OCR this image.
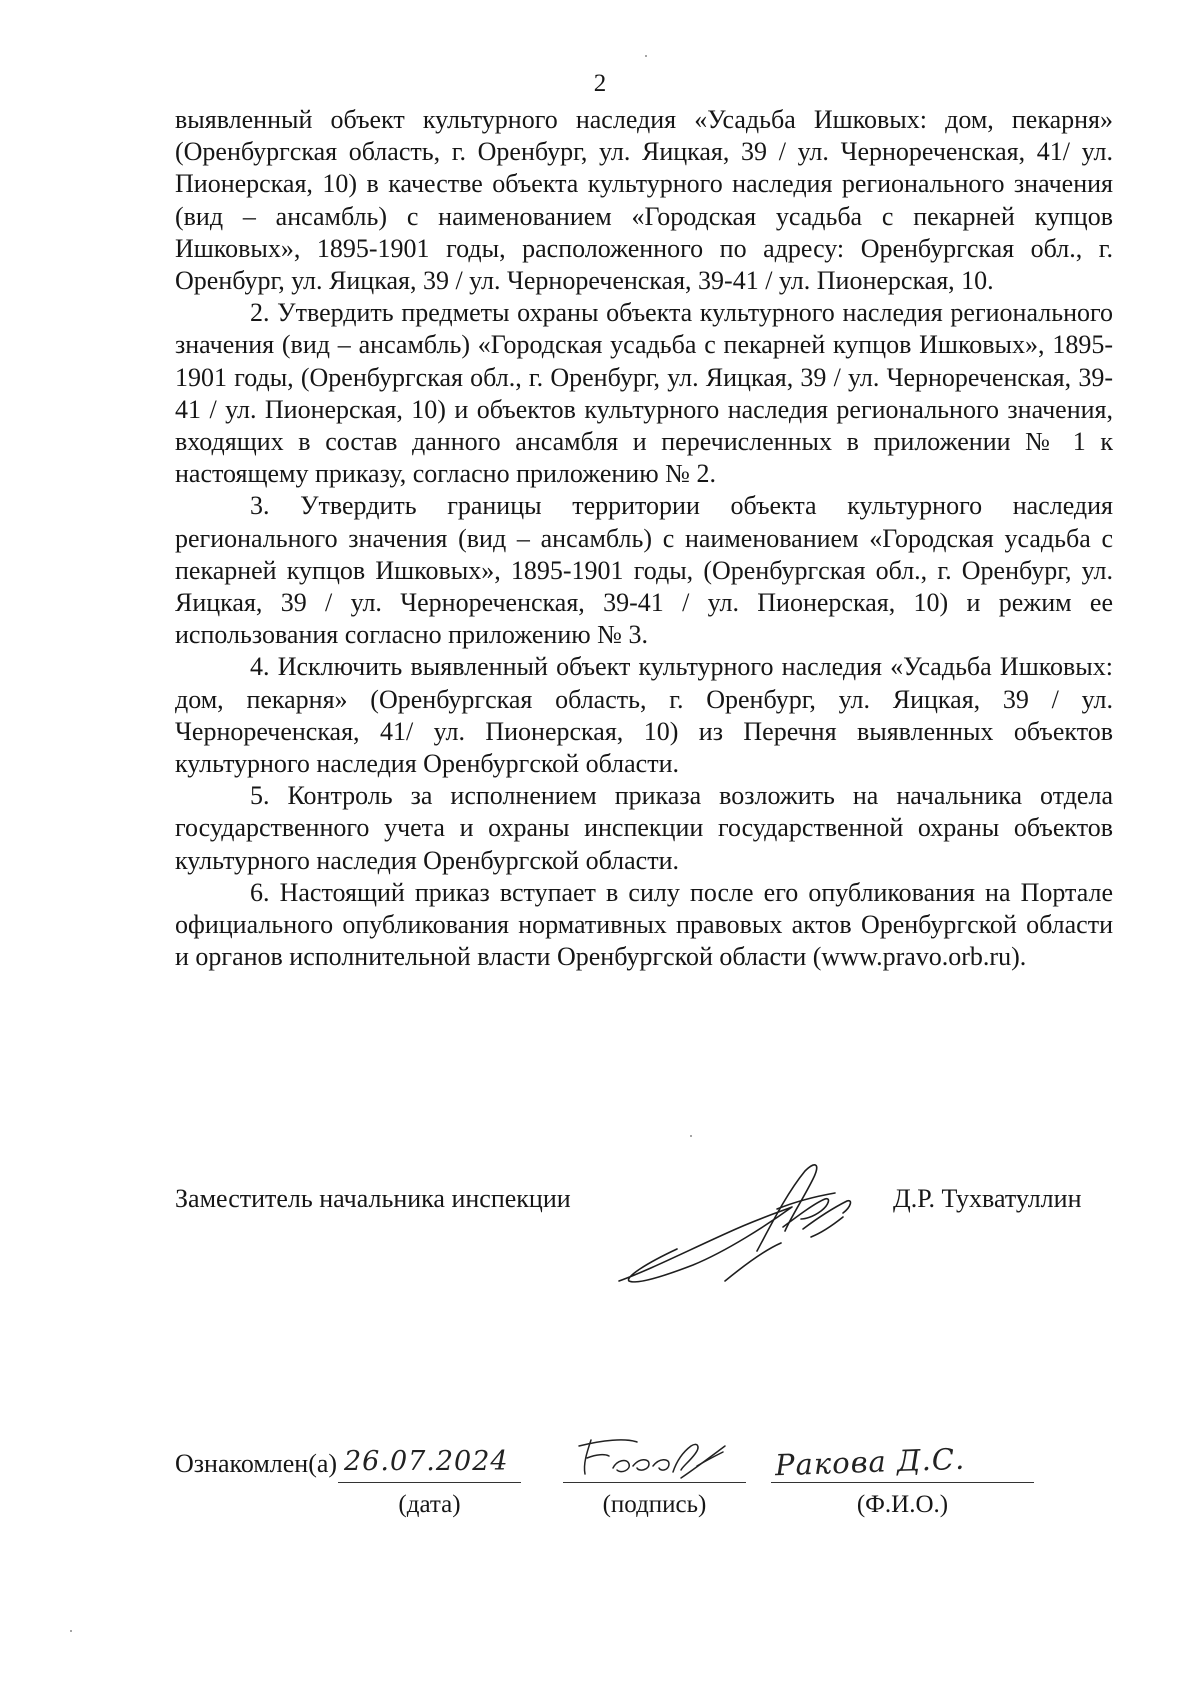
2

выявленный объект культурного наследия «Усадьба Ишковых: дом, пекарня» (Оренбургская область, г. Оренбург, ул. Яицкая, 39 / ул. Чернореченская, 41/ ул. Пионерская, 10) в качестве объекта культурного наследия регионального значения (вид – ансамбль) с наименованием «Городская усадьба с пекарней купцов Ишковых», 1895-1901 годы, расположенного по адресу: Оренбургская обл., г. Оренбург, ул. Яицкая, 39 / ул. Чернореченская, 39-41 / ул. Пионерская, 10.

2. Утвердить предметы охраны объекта культурного наследия регионального значения (вид – ансамбль) «Городская усадьба с пекарней купцов Ишковых», 1895-1901 годы, (Оренбургская обл., г. Оренбург, ул. Яицкая, 39 / ул. Чернореченская, 39-41 / ул. Пионерская, 10) и объектов культурного наследия регионального значения, входящих в состав данного ансамбля и перечисленных в приложении № 1 к настоящему приказу, согласно приложению № 2.

3. Утвердить границы территории объекта культурного наследия регионального значения (вид – ансамбль) с наименованием «Городская усадьба с пекарней купцов Ишковых», 1895-1901 годы, (Оренбургская обл., г. Оренбург, ул. Яицкая, 39 / ул. Чернореченская, 39-41 / ул. Пионерская, 10) и режим ее использования согласно приложению № 3.

4. Исключить выявленный объект культурного наследия «Усадьба Ишковых: дом, пекарня» (Оренбургская область, г. Оренбург, ул. Яицкая, 39 / ул. Чернореченская, 41/ ул. Пионерская, 10) из Перечня выявленных объектов культурного наследия Оренбургской области.

5. Контроль за исполнением приказа возложить на начальника отдела государственного учета и охраны инспекции государственной охраны объектов культурного наследия Оренбургской области.

6. Настоящий приказ вступает в силу после его опубликования на Портале официального опубликования нормативных правовых актов Оренбургской области и органов исполнительной власти Оренбургской области (www.pravo.orb.ru).

Заместитель начальника инспекции	Д.Р. Тухватуллин
Ознакомлен(а) 26.07.2024	Ракова Д.С.
(дата)	(подпись)	(Ф.И.О.)
